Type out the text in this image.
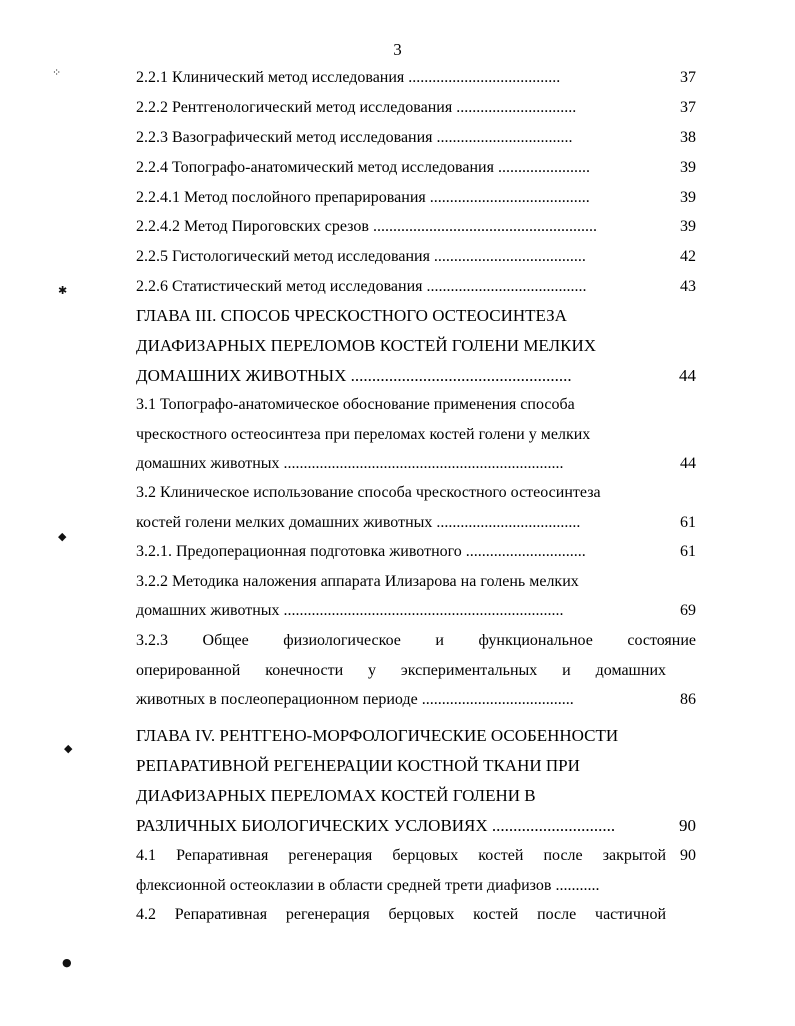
3
2.2.1 Клинический метод исследования ......................................	37
2.2.2 Рентгенологический метод исследования ..............................	37
2.2.3 Вазографический метод исследования ..................................	38
2.2.4 Топографо-анатомический метод исследования .......................	39
2.2.4.1 Метод послойного препарирования ........................................	39
2.2.4.2 Метод Пироговских срезов ........................................................	39
2.2.5 Гистологический метод исследования ......................................	42
2.2.6 Статистический метод исследования ........................................	43
ГЛАВА III. СПОСОБ ЧРЕСКОСТНОГО ОСТЕОСИНТЕЗА
ДИАФИЗАРНЫХ ПЕРЕЛОМОВ КОСТЕЙ ГОЛЕНИ МЕЛКИХ
ДОМАШНИХ ЖИВОТНЫХ ....................................................	44
3.1 Топографо-анатомическое обоснование применения способа
чрескостного остеосинтеза при переломах костей голени у мелких
домашних животных ......................................................................	44
3.2 Клиническое использование способа чрескостного остеосинтеза
костей голени мелких домашних животных ....................................	61
3.2.1. Предоперационная подготовка животного ..............................	61
3.2.2 Методика наложения аппарата Илизарова на голень мелких
домашних животных ......................................................................	69
3.2.3 Общее физиологическое и функциональное состояние
оперированной конечности у экспериментальных и домашних
животных в послеоперационном периоде ......................................	86
ГЛАВА IV. РЕНТГЕНО-МОРФОЛОГИЧЕСКИЕ ОСОБЕННОСТИ
РЕПАРАТИВНОЙ РЕГЕНЕРАЦИИ КОСТНОЙ ТКАНИ ПРИ
ДИАФИЗАРНЫХ ПЕРЕЛОМАХ КОСТЕЙ ГОЛЕНИ В
РАЗЛИЧНЫХ БИОЛОГИЧЕСКИХ УСЛОВИЯХ .............................	90
4.1 Репаративная регенерация берцовых костей после закрытой 90
флексионной остеоклазии в области средней трети диафизов ...........
4.2 Репаративная регенерация берцовых костей после частичной
⁘
✱
◆
◆
●
